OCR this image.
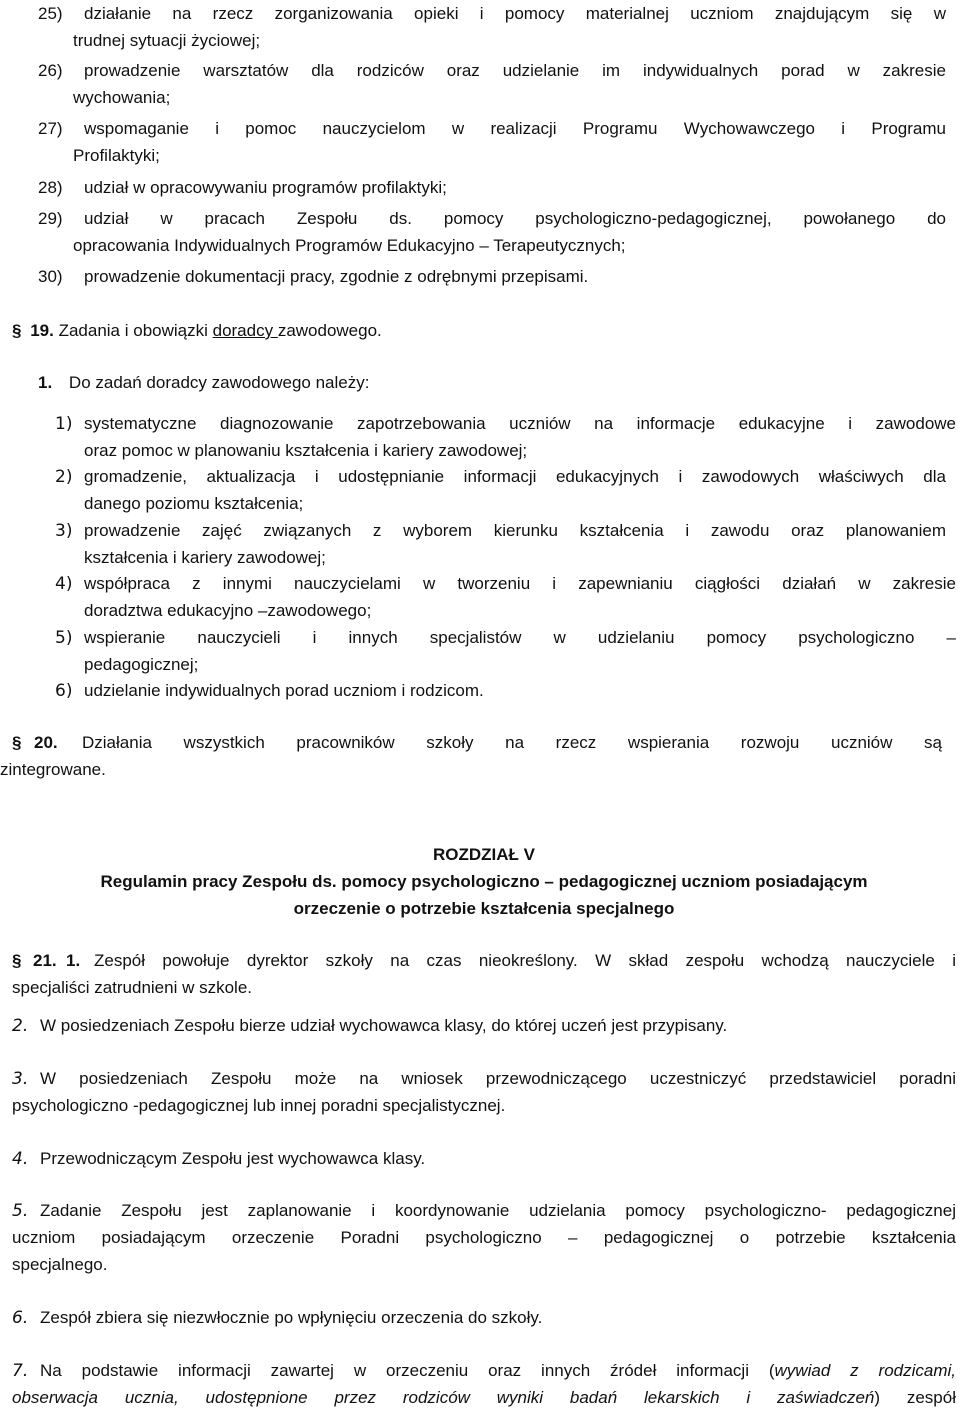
25) działanie na rzecz zorganizowania opieki i pomocy materialnej uczniom znajdującym się w
trudnej sytuacji życiowej;
26) prowadzenie warsztatów dla rodziców oraz udzielanie im indywidualnych porad w zakresie
wychowania;
27) wspomaganie i pomoc nauczycielom w realizacji Programu Wychowawczego i Programu
Profilaktyki;
28) udział w opracowywaniu programów profilaktyki;
29) udział w pracach Zespołu ds. pomocy psychologiczno-pedagogicznej, powołanego do
opracowania Indywidualnych Programów Edukacyjno – Terapeutycznych;
30) prowadzenie dokumentacji pracy, zgodnie z odrębnymi przepisami.
§ 19. Zadania i obowiązki doradcy zawodowego.
1. Do zadań doradcy zawodowego należy:
1) systematyczne diagnozowanie zapotrzebowania uczniów na informacje edukacyjne i zawodowe
oraz pomoc w planowaniu kształcenia i kariery zawodowej;
2) gromadzenie, aktualizacja i udostępnianie informacji edukacyjnych i zawodowych właściwych dla
danego poziomu kształcenia;
3) prowadzenie zajęć związanych z wyborem kierunku kształcenia i zawodu oraz planowaniem
kształcenia i kariery zawodowej;
4) współpraca z innymi nauczycielami w tworzeniu i zapewnianiu ciągłości działań w zakresie
doradztwa edukacyjno –zawodowego;
5) wspieranie nauczycieli i innych specjalistów w udzielaniu pomocy psychologiczno –
pedagogicznej;
6) udzielanie indywidualnych porad uczniom i rodzicom.
§ 20. Działania wszystkich pracowników szkoły na rzecz wspierania rozwoju uczniów są
zintegrowane.
ROZDZIAŁ V
Regulamin pracy Zespołu ds. pomocy psychologiczno – pedagogicznej uczniom posiadającym
orzeczenie o potrzebie kształcenia specjalnego
§ 21. 1. Zespół powołuje dyrektor szkoły na czas nieokreślony. W skład zespołu wchodzą nauczyciele i
specjaliści zatrudnieni w szkole.
2. W posiedzeniach Zespołu bierze udział wychowawca klasy, do której uczeń jest przypisany.
3. W posiedzeniach Zespołu może na wniosek przewodniczącego uczestniczyć przedstawiciel poradni
psychologiczno -pedagogicznej lub innej poradni specjalistycznej.
4. Przewodniczącym Zespołu jest wychowawca klasy.
5. Zadanie Zespołu jest zaplanowanie i koordynowanie udzielania pomocy psychologiczno- pedagogicznej
uczniom posiadającym orzeczenie Poradni psychologiczno – pedagogicznej o potrzebie kształcenia
specjalnego.
6. Zespół zbiera się niezwłocznie po wpłynięciu orzeczenia do szkoły.
7. Na podstawie informacji zawartej w orzeczeniu oraz innych źródeł informacji (wywiad z rodzicami,
obserwacja ucznia, udostępnione przez rodziców wyniki badań lekarskich i zaświadczeń) zespół
